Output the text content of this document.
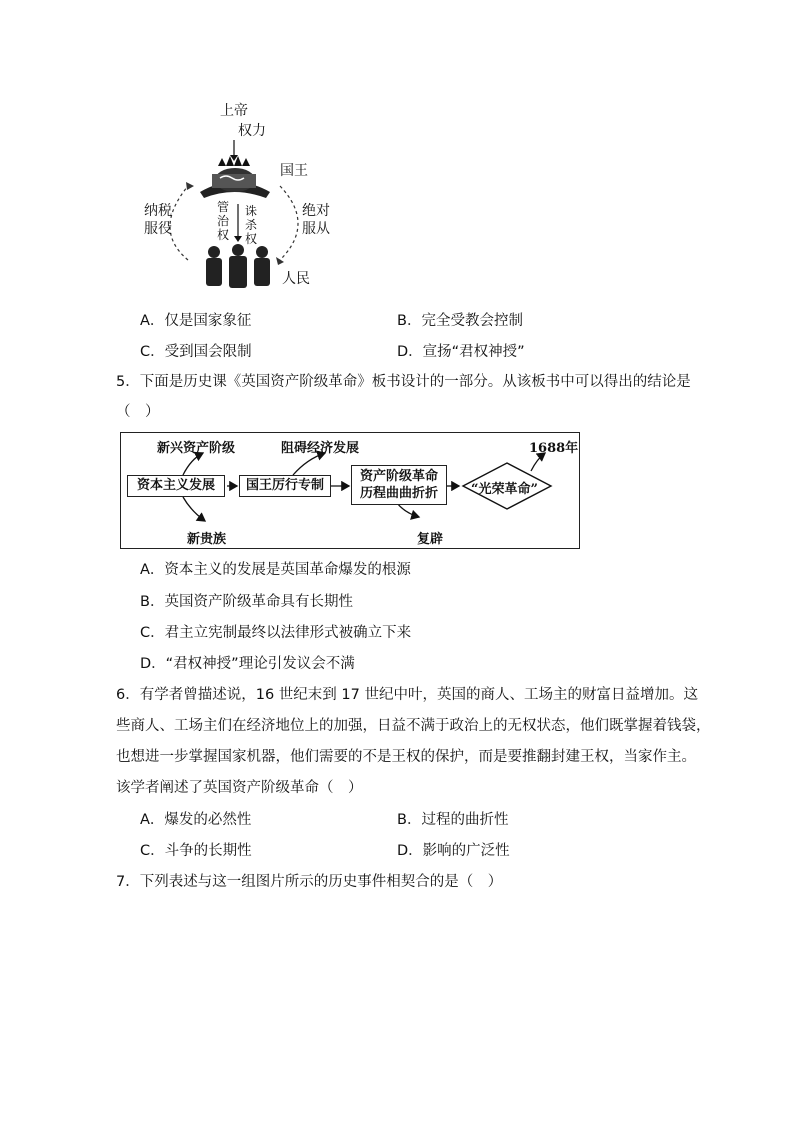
上帝
权力
国王
纳税
服役
绝对
服从
管治权
诛杀权
人民
A．仅是国家象征	B．完全受教会控制
C．受到国会限制	D．宣扬“君权神授”
5．下面是历史课《英国资产阶级革命》板书设计的一部分。从该板书中可以得出的结论是
（　）
新兴资产阶级	阻碍经济发展	1688年
资本主义发展	国王厉行专制
资产阶级革命
历程曲曲折折	“光荣革命”
新贵族	复辟
A．资本主义的发展是英国革命爆发的根源
B．英国资产阶级革命具有长期性
C．君主立宪制最终以法律形式被确立下来
D．“君权神授”理论引发议会不满
6．有学者曾描述说，16 世纪末到 17 世纪中叶，英国的商人、工场主的财富日益增加。这
些商人、工场主们在经济地位上的加强，日益不满于政治上的无权状态，他们既掌握着钱袋，
也想进一步掌握国家机器，他们需要的不是王权的保护，而是要推翻封建王权，当家作主。
该学者阐述了英国资产阶级革命（　）
A．爆发的必然性	B．过程的曲折性
C．斗争的长期性	D．影响的广泛性
7．下列表述与这一组图片所示的历史事件相契合的是（　）
